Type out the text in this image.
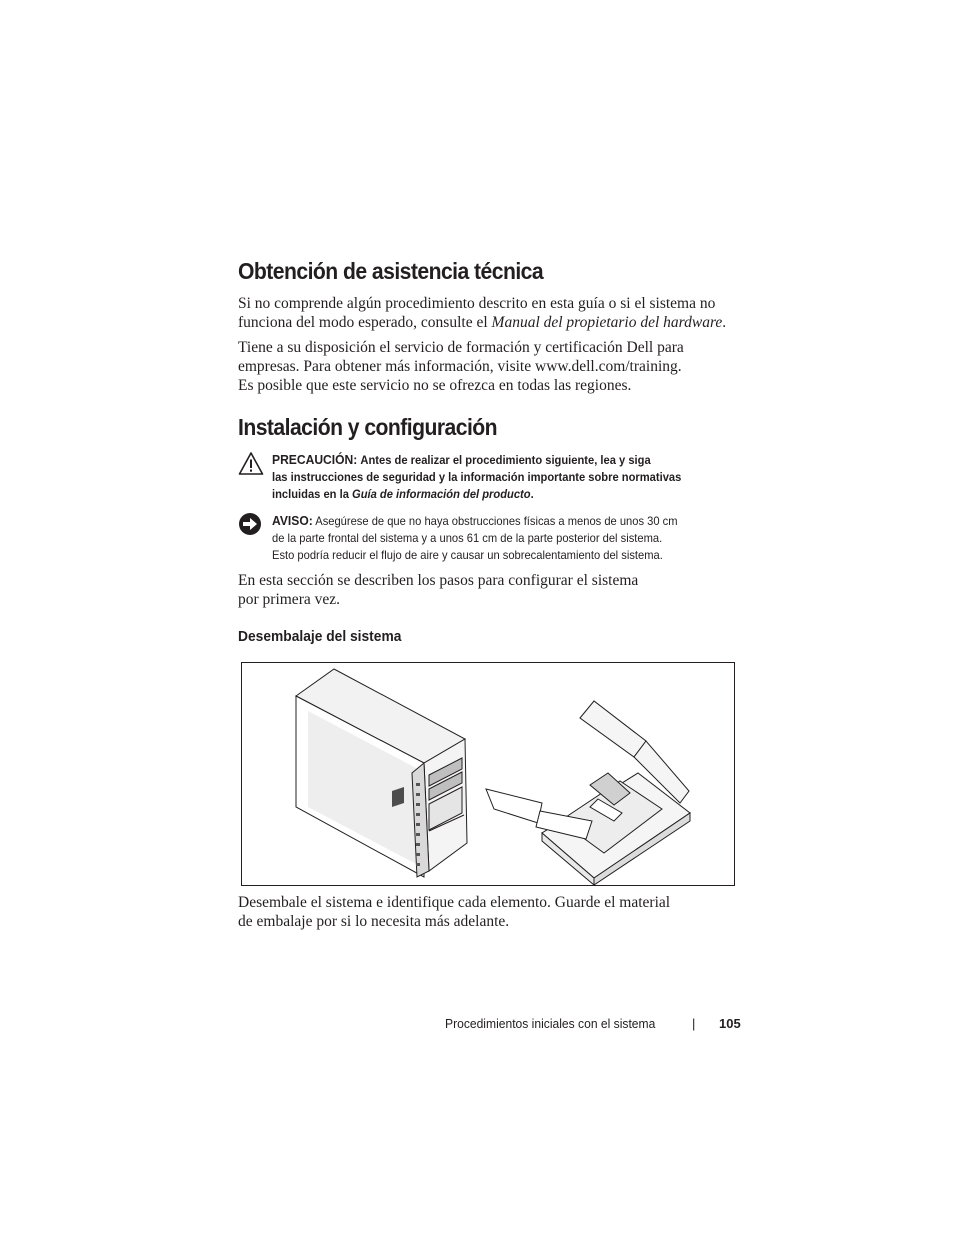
Obtención de asistencia técnica
Si no comprende algún procedimiento descrito en esta guía o si el sistema no
funciona del modo esperado, consulte el Manual del propietario del hardware.
Tiene a su disposición el servicio de formación y certificación Dell para
empresas. Para obtener más información, visite www.dell.com/training.
Es posible que este servicio no se ofrezca en todas las regiones.
Instalación y configuración
PRECAUCIÓN: Antes de realizar el procedimiento siguiente, lea y siga
las instrucciones de seguridad y la información importante sobre normativas
incluidas en la Guía de información del producto.
AVISO: Asegúrese de que no haya obstrucciones físicas a menos de unos 30 cm
de la parte frontal del sistema y a unos 61 cm de la parte posterior del sistema.
Esto podría reducir el flujo de aire y causar un sobrecalentamiento del sistema.
En esta sección se describen los pasos para configurar el sistema
por primera vez.
Desembalaje del sistema
Desembale el sistema e identifique cada elemento. Guarde el material
de embalaje por si lo necesita más adelante.
Procedimientos iniciales con el sistema	| 105
